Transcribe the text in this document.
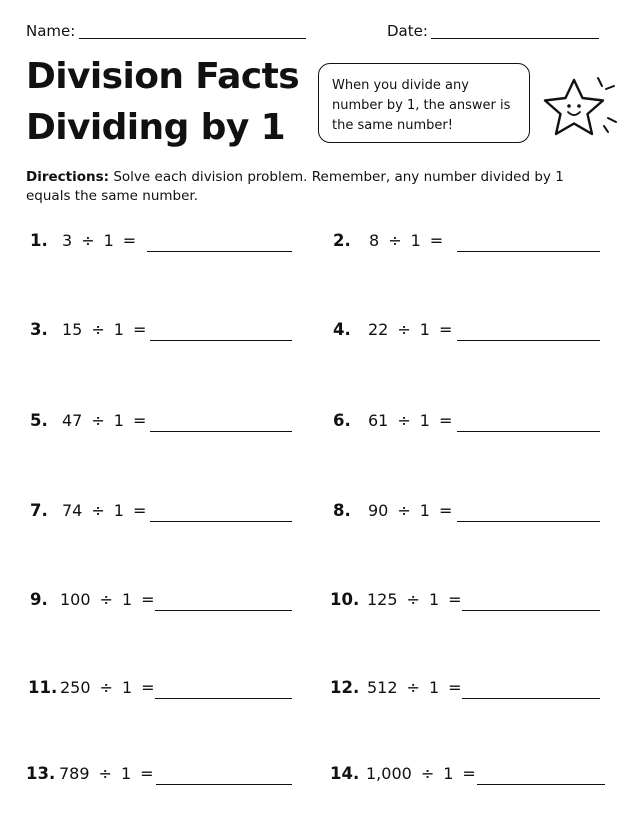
Name:	Date:
Division Facts
Dividing by 1
When you divide any number by 1, the answer is the same number!

Directions: Solve each division problem. Remember, any number divided by 1 equals the same number.

1. 3 ÷ 1 =	2. 8 ÷ 1 =
3. 15 ÷ 1 =	4. 22 ÷ 1 =
5. 47 ÷ 1 =	6. 61 ÷ 1 =
7. 74 ÷ 1 =	8. 90 ÷ 1 =
9. 100 ÷ 1 =	10. 125 ÷ 1 =
11. 250 ÷ 1 =	12. 512 ÷ 1 =
13. 789 ÷ 1 =	14. 1,000 ÷ 1 =
